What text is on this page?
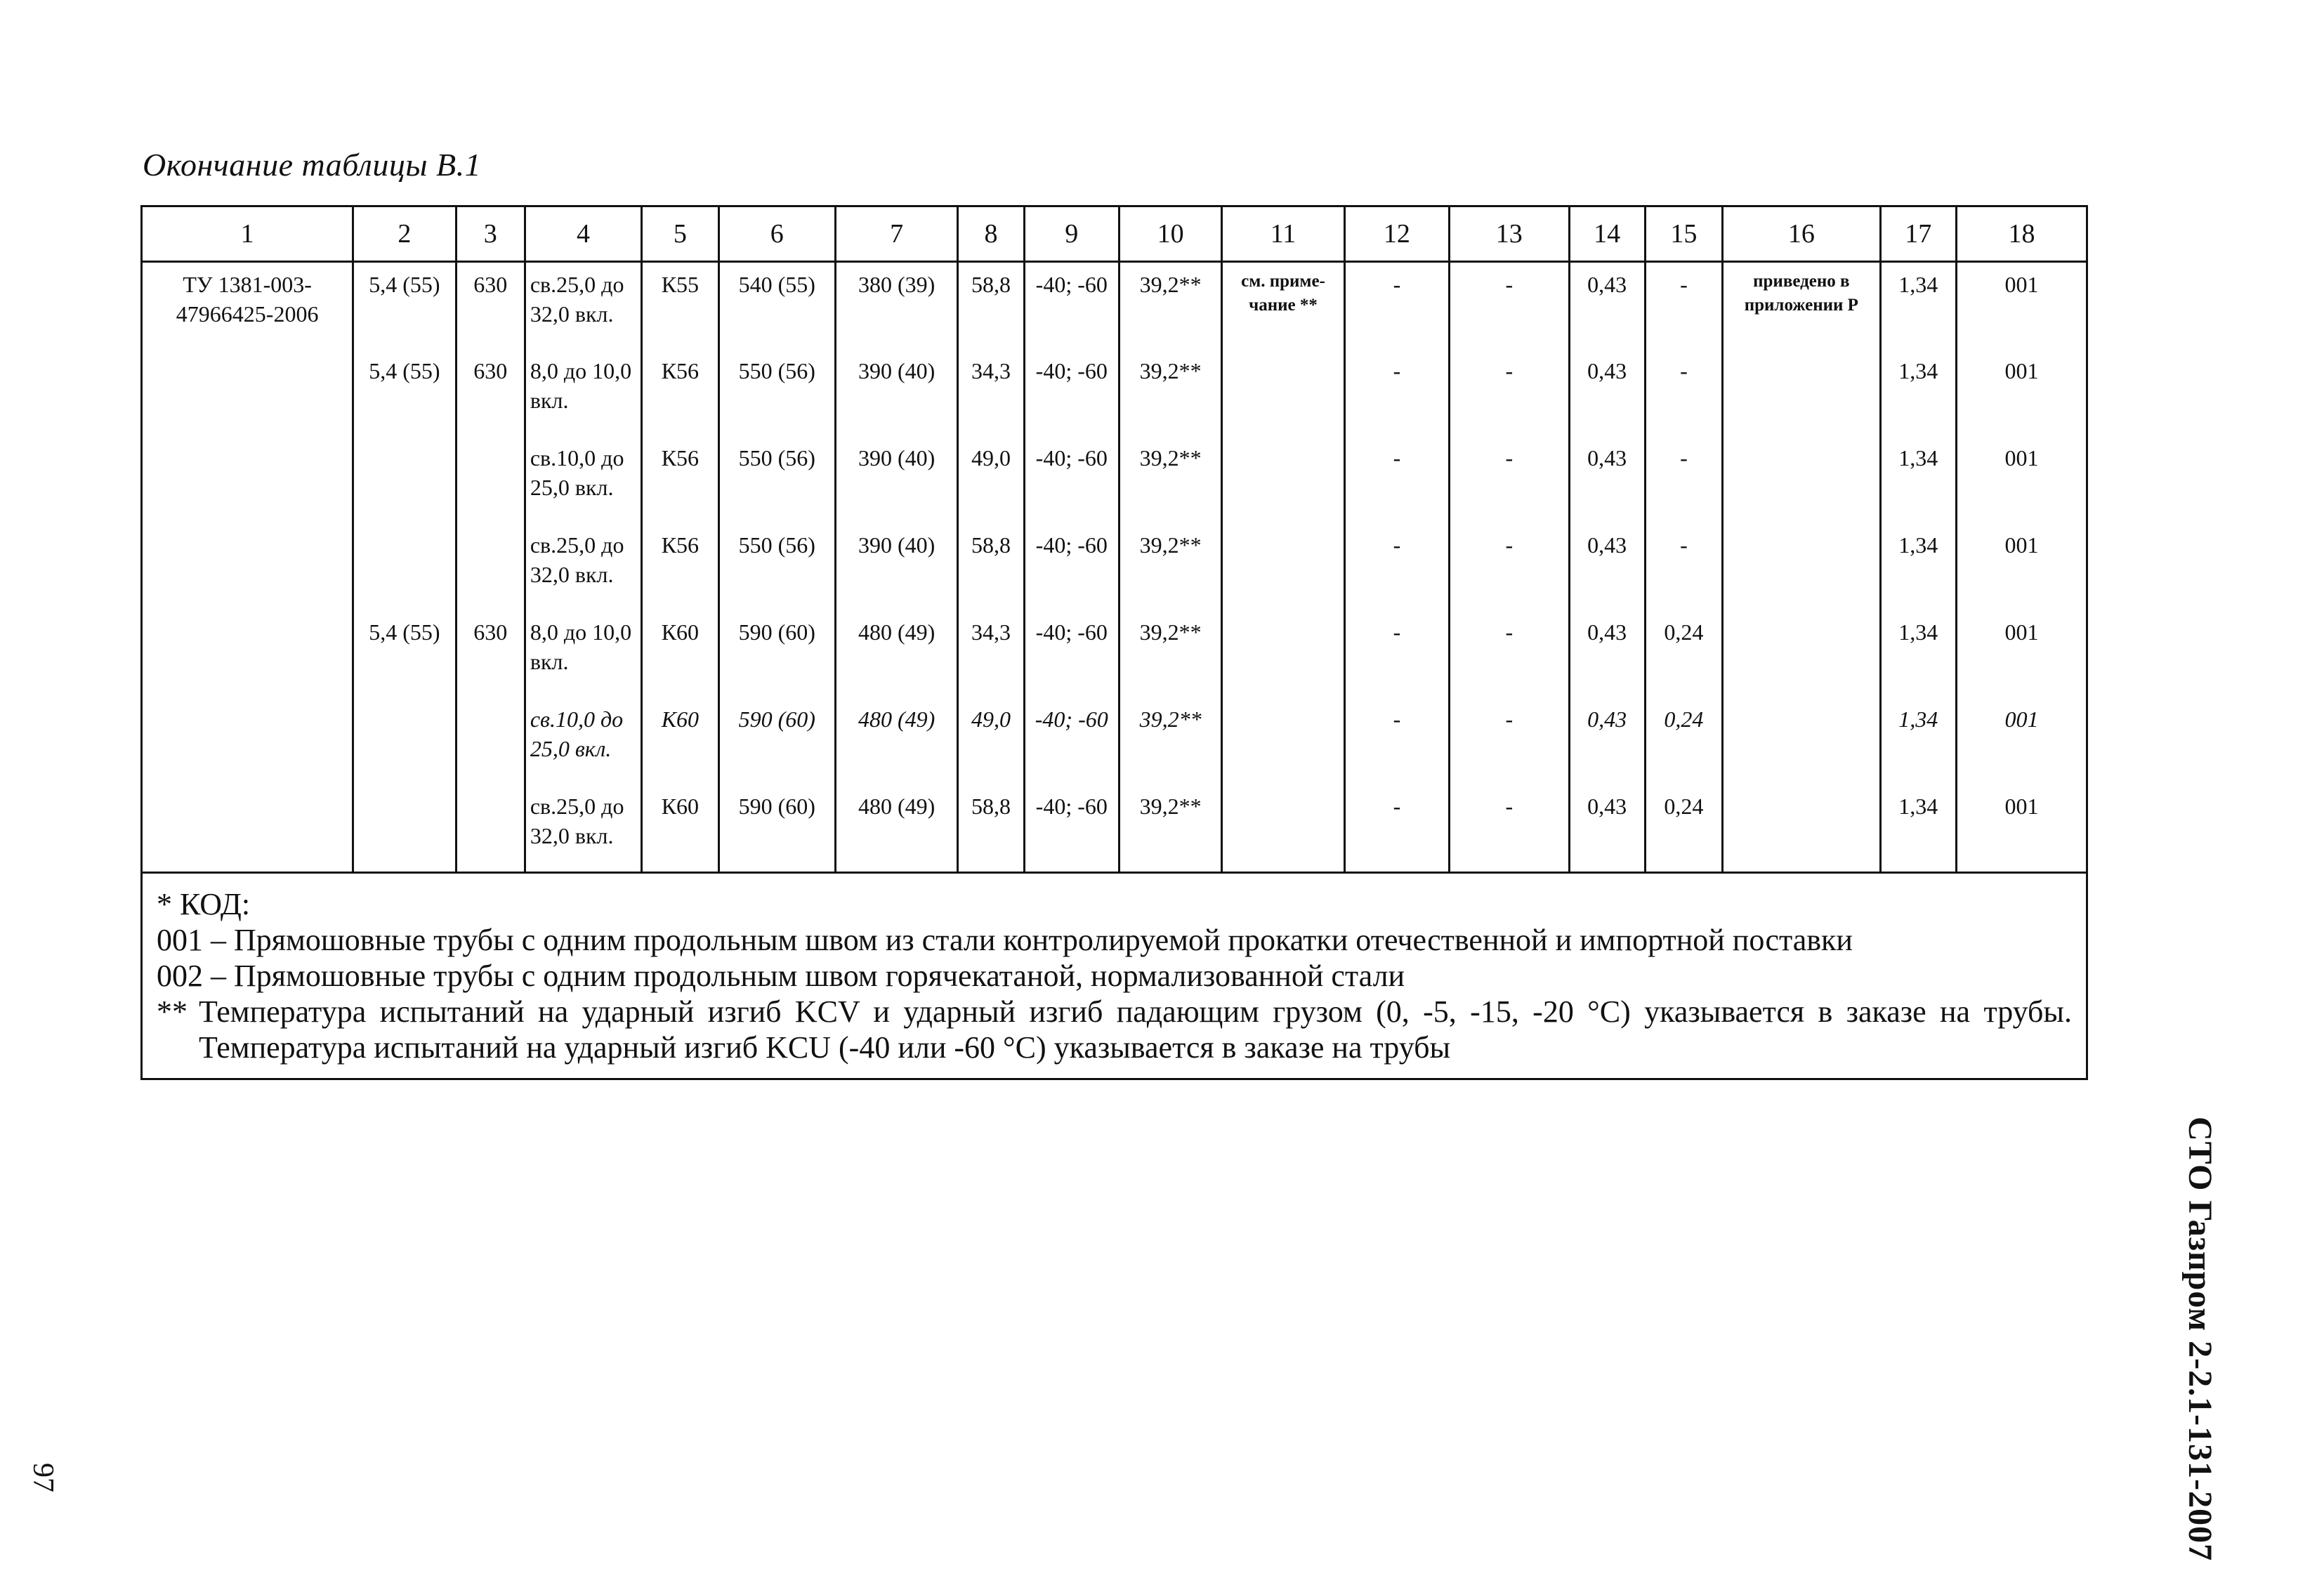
Окончание таблицы В.1
1	2	3	4	5	6	7	8	9	10	11	12	13	14	15	16	17	18
ТУ 1381-003-47966425-2006	5,4 (55)	630	св.25,0 до 32,0 вкл.	К55	540 (55)	380 (39)	58,8	-40; -60	39,2**	см. приме-чание **	-	-	0,43	-	приведено в приложении Р	1,34	001
	5,4 (55)	630	8,0 до 10,0 вкл.	К56	550 (56)	390 (40)	34,3	-40; -60	39,2**		-	-	0,43	-		1,34	001
			св.10,0 до 25,0 вкл.	К56	550 (56)	390 (40)	49,0	-40; -60	39,2**		-	-	0,43	-		1,34	001
			св.25,0 до 32,0 вкл.	К56	550 (56)	390 (40)	58,8	-40; -60	39,2**		-	-	0,43	-		1,34	001
	5,4 (55)	630	8,0 до 10,0 вкл.	К60	590 (60)	480 (49)	34,3	-40; -60	39,2**		-	-	0,43	0,24		1,34	001
			св.10,0 до 25,0 вкл.	К60	590 (60)	480 (49)	49,0	-40; -60	39,2**		-	-	0,43	0,24		1,34	001
			св.25,0 до 32,0 вкл.	К60	590 (60)	480 (49)	58,8	-40; -60	39,2**		-	-	0,43	0,24		1,34	001
* КОД:
001 – Прямошовные трубы с одним продольным швом из стали контролируемой прокатки отечественной и импортной поставки
002 – Прямошовные трубы с одним продольным швом горячекатаной, нормализованной стали
** Температура испытаний на ударный изгиб KCV и ударный изгиб падающим грузом (0, -5, -15, -20 °С) указывается в заказе на трубы. Температура испытаний на ударный изгиб KCU (-40 или -60 °С) указывается в заказе на трубы
СТО Газпром 2-2.1-131-2007
97
